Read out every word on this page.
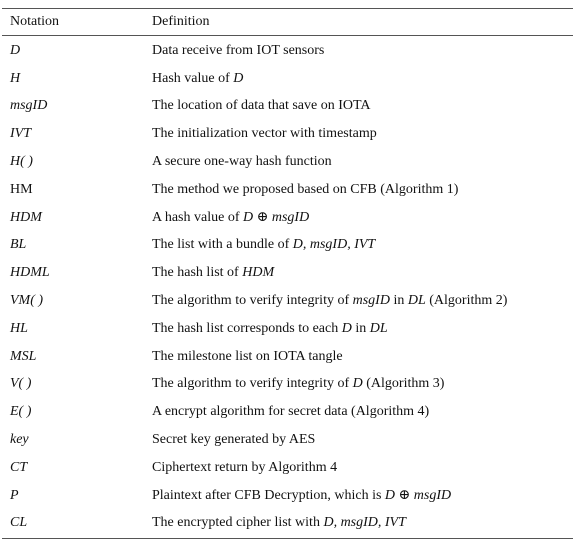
Notation	Definition
D	Data receive from IOT sensors
H	Hash value of D
msgID	The location of data that save on IOTA
IVT	The initialization vector with timestamp
H( )	A secure one-way hash function
HM	The method we proposed based on CFB (Algorithm 1)
HDM	A hash value of D ⊕ msgID
BL	The list with a bundle of D, msgID, IVT
HDML	The hash list of HDM
VM( )	The algorithm to verify integrity of msgID in DL (Algorithm 2)
HL	The hash list corresponds to each D in DL
MSL	The milestone list on IOTA tangle
V( )	The algorithm to verify integrity of D (Algorithm 3)
E( )	A encrypt algorithm for secret data (Algorithm 4)
key	Secret key generated by AES
CT	Ciphertext return by Algorithm 4
P	Plaintext after CFB Decryption, which is D ⊕ msgID
CL	The encrypted cipher list with D, msgID, IVT
